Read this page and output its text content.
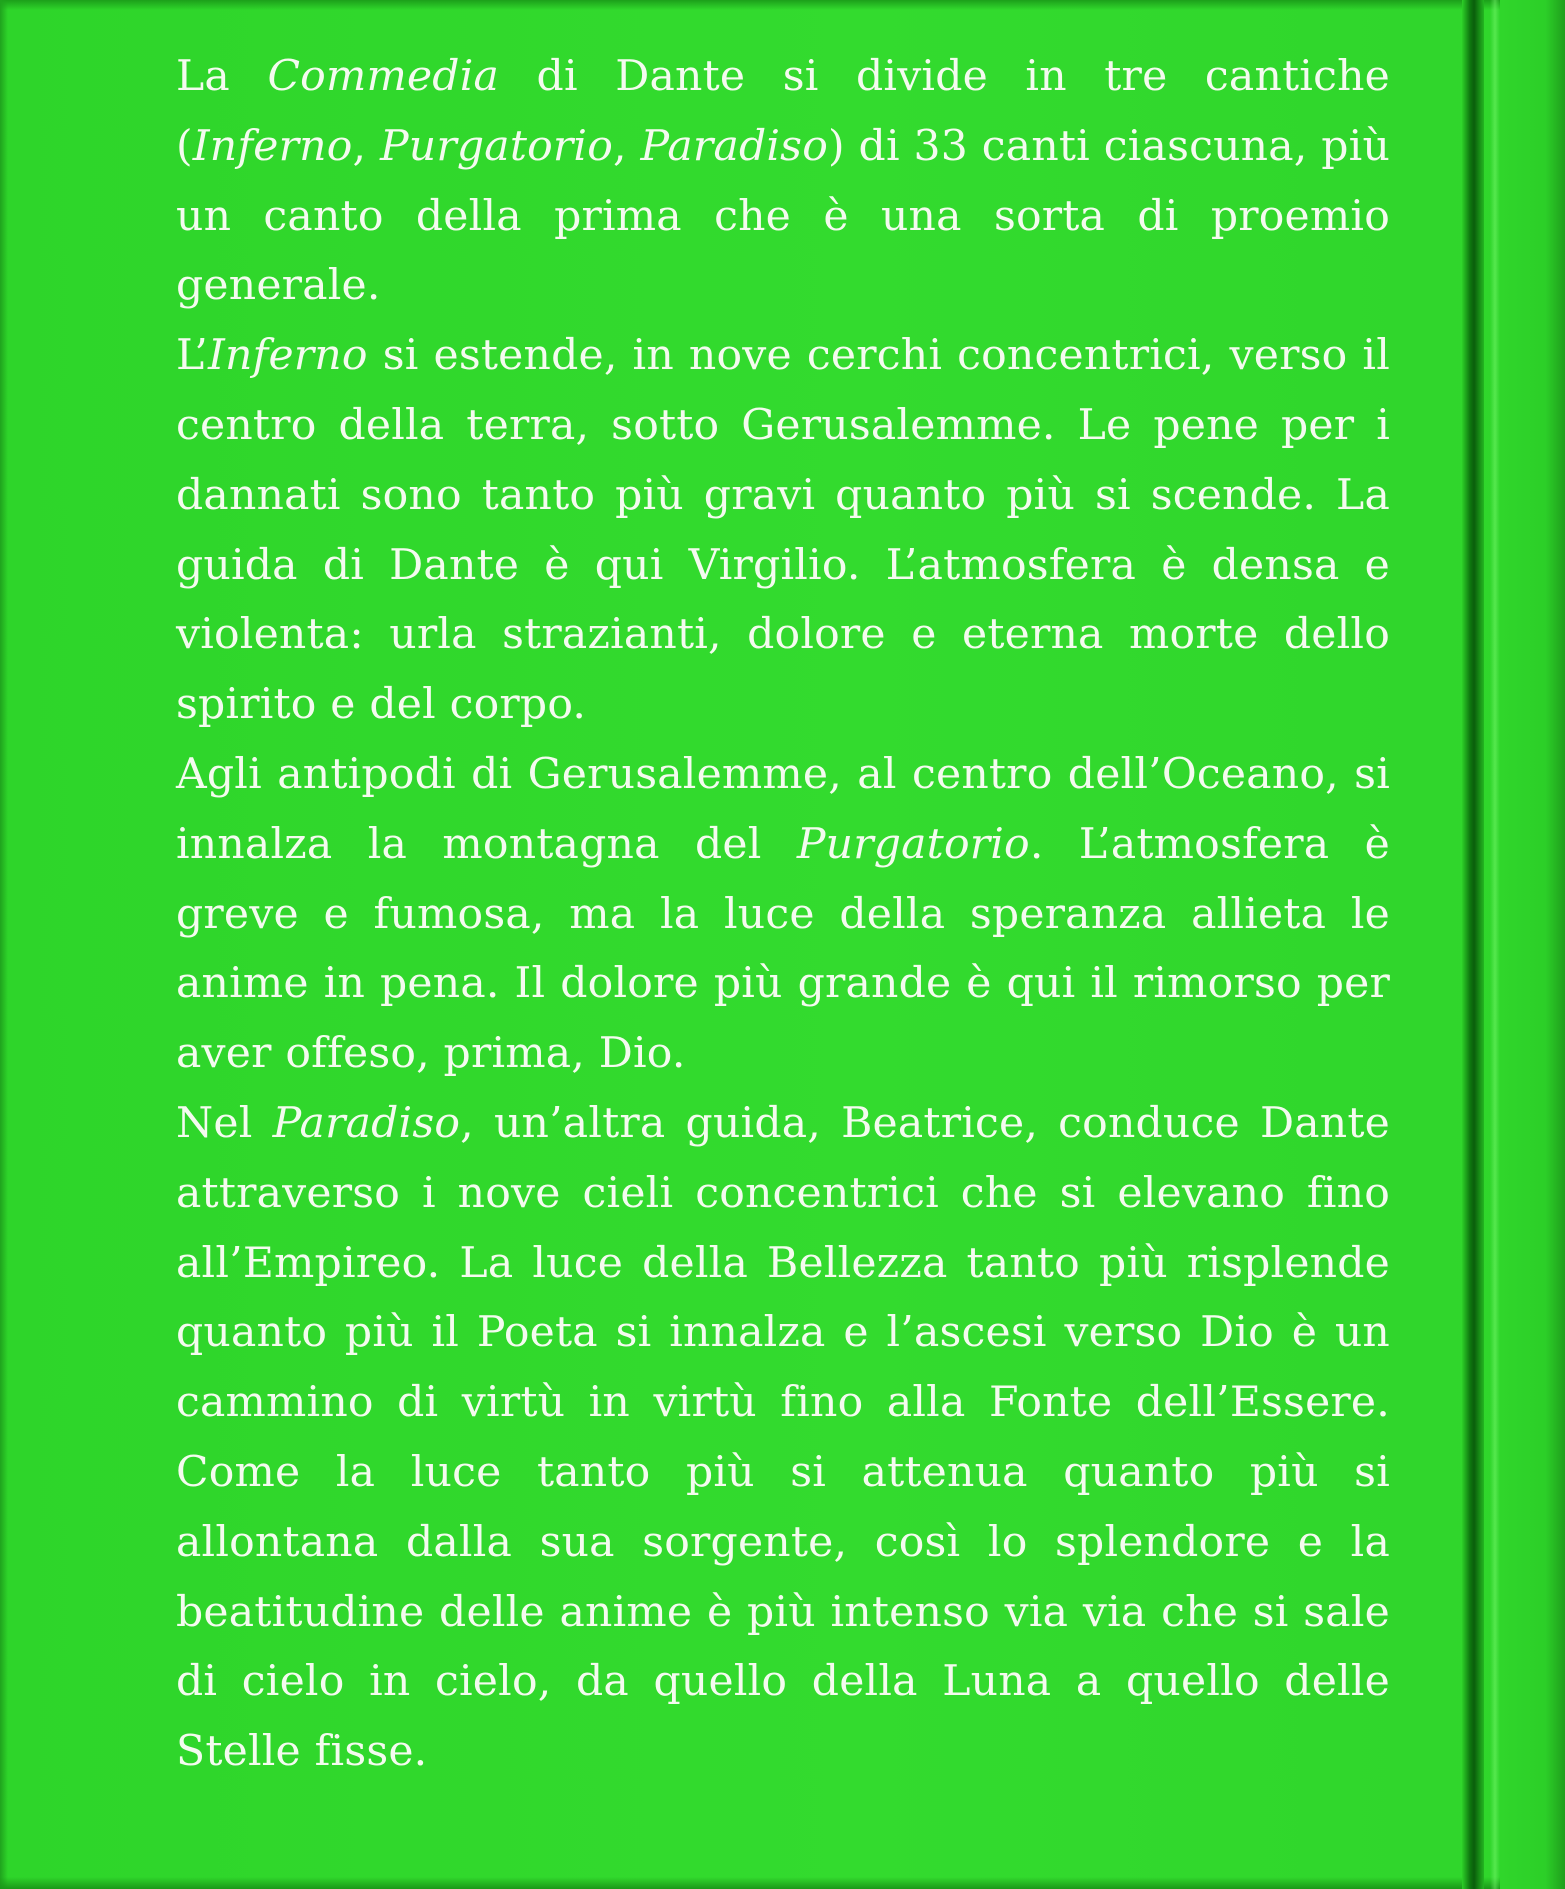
La Commedia di Dante si divide in tre cantiche (Inferno, Purgatorio, Paradiso) di 33 canti ciascuna, più un canto della prima che è una sorta di proemio generale.

L’Inferno si estende, in nove cerchi concentrici, verso il centro della terra, sotto Gerusalemme. Le pene per i dannati sono tanto più gravi quanto più si scende. La guida di Dante è qui Virgilio. L’atmosfera è densa e violenta: urla strazianti, dolore e eterna morte dello spirito e del corpo.

Agli antipodi di Gerusalemme, al centro dell’Oceano, si innalza la montagna del Purgatorio. L’atmosfera è greve e fumosa, ma la luce della speranza allieta le anime in pena. Il dolore più grande è qui il rimorso per aver offeso, prima, Dio.

Nel Paradiso, un’altra guida, Beatrice, conduce Dante attraverso i nove cieli concentrici che si elevano fino all’Empireo. La luce della Bellezza tanto più risplende quanto più il Poeta si innalza e l’ascesi verso Dio è un cammino di virtù in virtù fino alla Fonte dell’Essere. Come la luce tanto più si attenua quanto più si allontana dalla sua sorgente, così lo splendore e la beatitudine delle anime è più intenso via via che si sale di cielo in cielo, da quello della Luna a quello delle Stelle fisse.
